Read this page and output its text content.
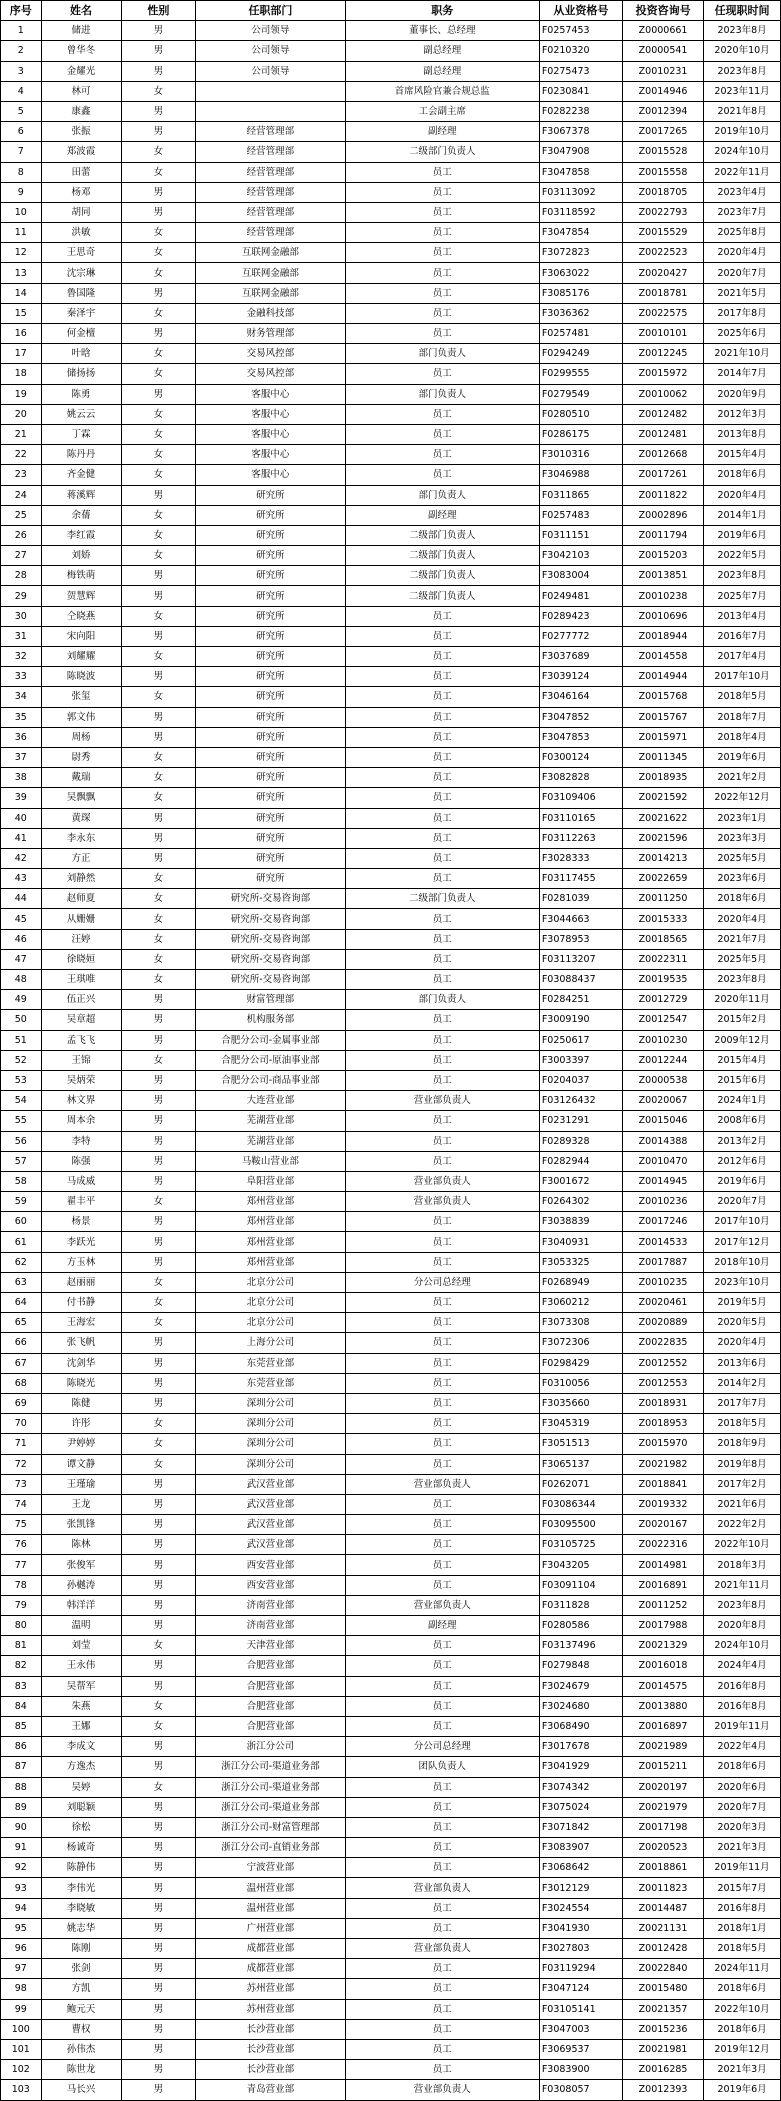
序号	姓名	性别	任职部门	职务	从业资格号	投资咨询号	任现职时间
1	储进	男	公司领导	董事长、总经理	F0257453	Z0000661	2023年8月
2	曾华冬	男	公司领导	副总经理	F0210320	Z0000541	2020年10月
3	金耀光	男	公司领导	副总经理	F0275473	Z0010231	2023年8月
4	林可	女		首席风险官兼合规总监	F0230841	Z0014946	2023年11月
5	康鑫	男		工会副主席	F0282238	Z0012394	2021年8月
6	张振	男	经营管理部	副经理	F3067378	Z0017265	2019年10月
7	郑波霞	女	经营管理部	二级部门负责人	F3047908	Z0015528	2024年10月
8	田蕾	女	经营管理部	员工	F3047858	Z0015558	2022年11月
9	杨邓	男	经营管理部	员工	F03113092	Z0018705	2023年4月
10	胡同	男	经营管理部	员工	F03118592	Z0022793	2023年7月
11	洪敏	女	经营管理部	员工	F3047854	Z0015529	2025年8月
12	王思奇	女	互联网金融部	员工	F3072823	Z0022523	2020年4月
13	沈宗琳	女	互联网金融部	员工	F3063022	Z0020427	2020年7月
14	鲁国隆	男	互联网金融部	员工	F3085176	Z0018781	2021年5月
15	秦泽宇	女	金融科技部	员工	F3036362	Z0022575	2017年8月
16	何金檀	男	财务管理部	员工	F0257481	Z0010101	2025年6月
17	叶晗	女	交易风控部	部门负责人	F0294249	Z0012245	2021年10月
18	储扬扬	女	交易风控部	员工	F0299555	Z0015972	2014年7月
19	陈勇	男	客服中心	部门负责人	F0279549	Z0010062	2020年9月
20	姚云云	女	客服中心	员工	F0280510	Z0012482	2012年3月
21	丁霖	女	客服中心	员工	F0286175	Z0012481	2013年8月
22	陈丹丹	女	客服中心	员工	F3010316	Z0012668	2015年4月
23	齐金健	女	客服中心	员工	F3046988	Z0017261	2018年6月
24	蒋溪辉	男	研究所	部门负责人	F0311865	Z0011822	2020年4月
25	余蒨	女	研究所	副经理	F0257483	Z0002896	2014年1月
26	李红霞	女	研究所	二级部门负责人	F0311151	Z0011794	2019年6月
27	刘娇	女	研究所	二级部门负责人	F3042103	Z0015203	2022年5月
28	梅铁萌	男	研究所	二级部门负责人	F3083004	Z0013851	2023年8月
29	贺慧辉	男	研究所	二级部门负责人	F0249481	Z0010238	2025年7月
30	仝晓燕	女	研究所	员工	F0289423	Z0010696	2013年4月
31	宋向阳	男	研究所	员工	F0277772	Z0018944	2016年7月
32	刘耀耀	女	研究所	员工	F3037689	Z0014558	2017年4月
33	陈晓波	男	研究所	员工	F3039124	Z0014944	2017年10月
34	张玺	女	研究所	员工	F3046164	Z0015768	2018年5月
35	郭文伟	男	研究所	员工	F3047852	Z0015767	2018年7月
36	周杨	男	研究所	员工	F3047853	Z0015971	2018年4月
37	尉秀	女	研究所	员工	F0300124	Z0011345	2019年6月
38	戴瑞	女	研究所	员工	F3082828	Z0018935	2021年2月
39	吴飘飘	女	研究所	员工	F03109406	Z0021592	2022年12月
40	黄琛	男	研究所	员工	F03110165	Z0021622	2023年1月
41	李永东	男	研究所	员工	F03112263	Z0021596	2023年3月
42	方正	男	研究所	员工	F3028333	Z0014213	2025年5月
43	刘静然	女	研究所	员工	F03117455	Z0022659	2023年6月
44	赵师夏	女	研究所-交易咨询部	二级部门负责人	F0281039	Z0011250	2018年6月
45	从姗姗	女	研究所-交易咨询部	员工	F3044663	Z0015333	2020年4月
46	汪婷	女	研究所-交易咨询部	员工	F3078953	Z0018565	2021年7月
47	徐晓姮	女	研究所-交易咨询部	员工	F03113207	Z0022311	2025年5月
48	王琪唯	女	研究所-交易咨询部	员工	F03088437	Z0019535	2023年8月
49	伍正兴	男	财富管理部	部门负责人	F0284251	Z0012729	2020年11月
50	吴章超	男	机构服务部	员工	F3009190	Z0012547	2015年2月
51	孟飞飞	男	合肥分公司-金属事业部	员工	F0250617	Z0010230	2009年12月
52	王锦	女	合肥分公司-原油事业部	员工	F3003397	Z0012244	2015年4月
53	吴炳荣	男	合肥分公司-商品事业部	员工	F0204037	Z0000538	2015年6月
54	林文界	男	大连营业部	营业部负责人	F03126432	Z0020067	2024年1月
55	周本余	男	芜湖营业部	员工	F0231291	Z0015046	2008年6月
56	李特	男	芜湖营业部	员工	F0289328	Z0014388	2013年2月
57	陈强	男	马鞍山营业部	员工	F0282944	Z0010470	2012年6月
58	马成威	男	阜阳营业部	营业部负责人	F3001672	Z0014945	2019年6月
59	翟丰平	女	郑州营业部	营业部负责人	F0264302	Z0010236	2020年7月
60	杨景	男	郑州营业部	员工	F3038839	Z0017246	2017年10月
61	李跃光	男	郑州营业部	员工	F3040931	Z0014533	2017年12月
62	方玉林	男	郑州营业部	员工	F3053325	Z0017887	2018年10月
63	赵丽丽	女	北京分公司	分公司总经理	F0268949	Z0010235	2023年10月
64	付书静	女	北京分公司	员工	F3060212	Z0020461	2019年5月
65	王海宏	女	北京分公司	员工	F3073308	Z0020889	2020年5月
66	张飞帆	男	上海分公司	员工	F3072306	Z0022835	2020年4月
67	沈剑华	男	东莞营业部	员工	F0298429	Z0012552	2013年6月
68	陈晓光	男	东莞营业部	员工	F0310056	Z0012553	2014年2月
69	陈健	男	深圳分公司	员工	F3035660	Z0018931	2017年7月
70	许彤	女	深圳分公司	员工	F3045319	Z0018953	2018年5月
71	尹婷婷	女	深圳分公司	员工	F3051513	Z0015970	2018年9月
72	谭文静	女	深圳分公司	员工	F3065137	Z0021982	2019年8月
73	王瑾瑜	男	武汉营业部	营业部负责人	F0262071	Z0018841	2017年2月
74	王龙	男	武汉营业部	员工	F03086344	Z0019332	2021年6月
75	张凯锋	男	武汉营业部	员工	F03095500	Z0020167	2022年2月
76	陈林	男	武汉营业部	员工	F03105725	Z0022316	2022年10月
77	张俊军	男	西安营业部	员工	F3043205	Z0014981	2018年3月
78	孙樾涛	男	西安营业部	员工	F03091104	Z0016891	2021年11月
79	韩洋洋	男	济南营业部	营业部负责人	F0311828	Z0011252	2023年8月
80	温明	男	济南营业部	副经理	F0280586	Z0017988	2020年8月
81	刘莹	女	天津营业部	员工	F03137496	Z0021329	2024年10月
82	王永伟	男	合肥营业部	员工	F0279848	Z0016018	2024年4月
83	吴帮军	男	合肥营业部	员工	F3024679	Z0014575	2016年8月
84	朱燕	女	合肥营业部	员工	F3024680	Z0013880	2016年8月
85	王娜	女	合肥营业部	员工	F3068490	Z0016897	2019年11月
86	李成文	男	浙江分公司	分公司总经理	F3017678	Z0021989	2022年4月
87	方逸杰	男	浙江分公司-渠道业务部	团队负责人	F3041929	Z0015211	2018年6月
88	吴婷	女	浙江分公司-渠道业务部	员工	F3074342	Z0020197	2020年6月
89	刘聪颖	男	浙江分公司-渠道业务部	员工	F3075024	Z0021979	2020年7月
90	徐松	男	浙江分公司-财富管理部	员工	F3071842	Z0017198	2020年3月
91	杨诚奇	男	浙江分公司-直销业务部	员工	F3083907	Z0020523	2021年3月
92	陈静伟	男	宁波营业部	员工	F3068642	Z0018861	2019年11月
93	李伟光	男	温州营业部	营业部负责人	F3012129	Z0011823	2015年7月
94	李晓敏	男	温州营业部	员工	F3024554	Z0014487	2016年8月
95	姚志华	男	广州营业部	员工	F3041930	Z0021131	2018年1月
96	陈刚	男	成都营业部	营业部负责人	F3027803	Z0012428	2018年5月
97	张剑	男	成都营业部	员工	F03119294	Z0022840	2024年11月
98	方凯	男	苏州营业部	员工	F3047124	Z0015480	2018年6月
99	鲍元天	男	苏州营业部	员工	F03105141	Z0021357	2022年10月
100	曹权	男	长沙营业部	员工	F3047003	Z0015236	2018年6月
101	孙伟杰	男	长沙营业部	员工	F3069537	Z0021981	2019年12月
102	陈世龙	男	长沙营业部	员工	F3083900	Z0016285	2021年3月
103	马长兴	男	青岛营业部	营业部负责人	F0308057	Z0012393	2019年6月
